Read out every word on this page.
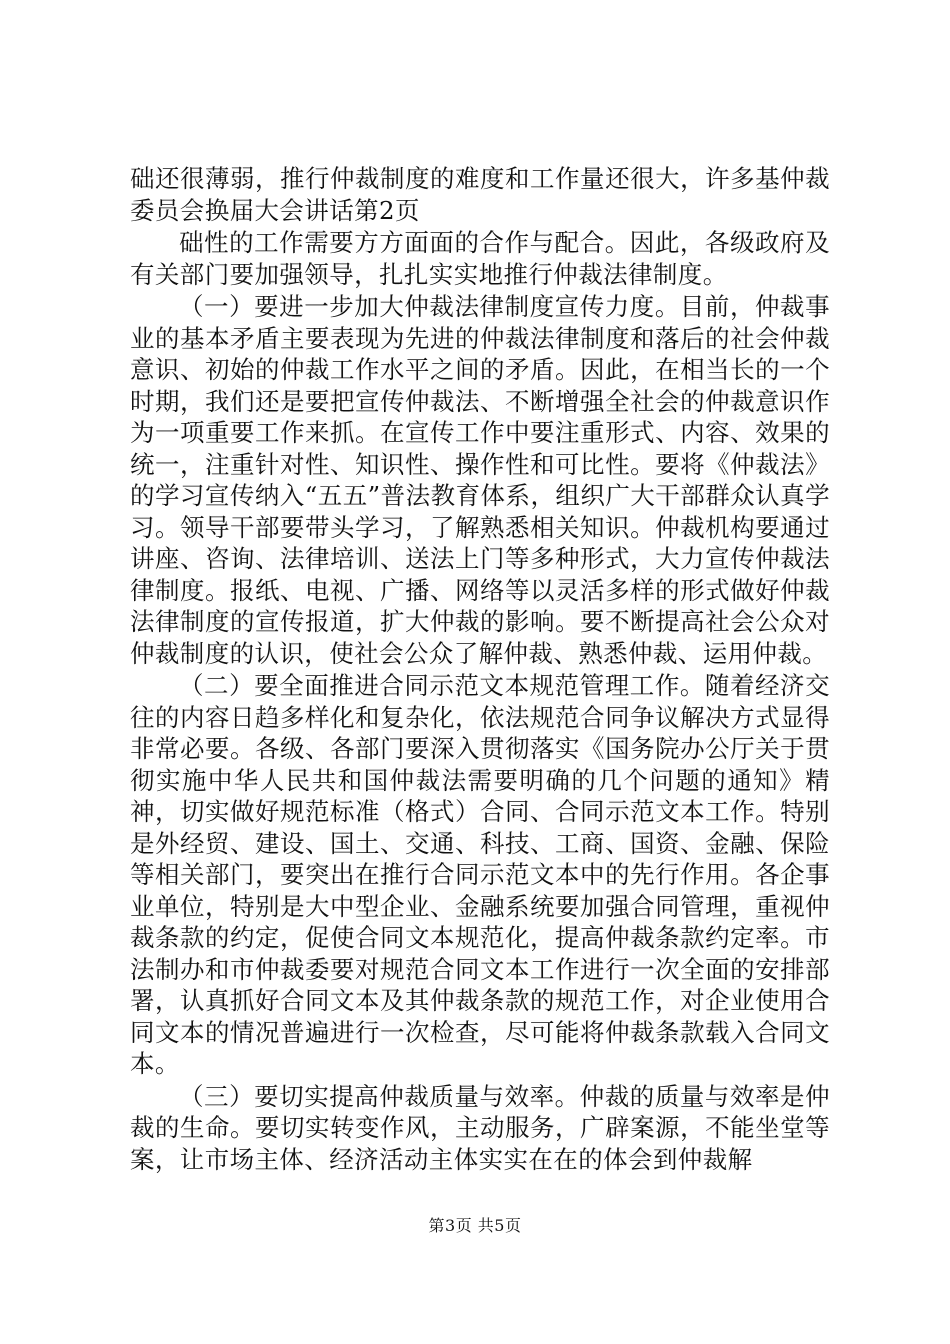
础还很薄弱，推行仲裁制度的难度和工作量还很大，许多基仲裁委员会换届大会讲话第2页

础性的工作需要方方面面的合作与配合。因此，各级政府及有关部门要加强领导，扎扎实实地推行仲裁法律制度。

（一）要进一步加大仲裁法律制度宣传力度。目前，仲裁事业的基本矛盾主要表现为先进的仲裁法律制度和落后的社会仲裁意识、初始的仲裁工作水平之间的矛盾。因此，在相当长的一个时期，我们还是要把宣传仲裁法、不断增强全社会的仲裁意识作为一项重要工作来抓。在宣传工作中要注重形式、内容、效果的统一，注重针对性、知识性、操作性和可比性。要将《仲裁法》的学习宣传纳入“五五”普法教育体系，组织广大干部群众认真学习。领导干部要带头学习，了解熟悉相关知识。仲裁机构要通过讲座、咨询、法律培训、送法上门等多种形式，大力宣传仲裁法律制度。报纸、电视、广播、网络等以灵活多样的形式做好仲裁法律制度的宣传报道，扩大仲裁的影响。要不断提高社会公众对仲裁制度的认识，使社会公众了解仲裁、熟悉仲裁、运用仲裁。

（二）要全面推进合同示范文本规范管理工作。随着经济交往的内容日趋多样化和复杂化，依法规范合同争议解决方式显得非常必要。各级、各部门要深入贯彻落实《国务院办公厅关于贯彻实施中华人民共和国仲裁法需要明确的几个问题的通知》精神，切实做好规范标准（格式）合同、合同示范文本工作。特别是外经贸、建设、国土、交通、科技、工商、国资、金融、保险等相关部门，要突出在推行合同示范文本中的先行作用。各企事业单位，特别是大中型企业、金融系统要加强合同管理，重视仲裁条款的约定，促使合同文本规范化，提高仲裁条款约定率。市法制办和市仲裁委要对规范合同文本工作进行一次全面的安排部署，认真抓好合同文本及其仲裁条款的规范工作，对企业使用合同文本的情况普遍进行一次检查，尽可能将仲裁条款载入合同文本。

（三）要切实提高仲裁质量与效率。仲裁的质量与效率是仲裁的生命。要切实转变作风，主动服务，广辟案源，不能坐堂等案，让市场主体、经济活动主体实实在在的体会到仲裁解

第3页 共5页
